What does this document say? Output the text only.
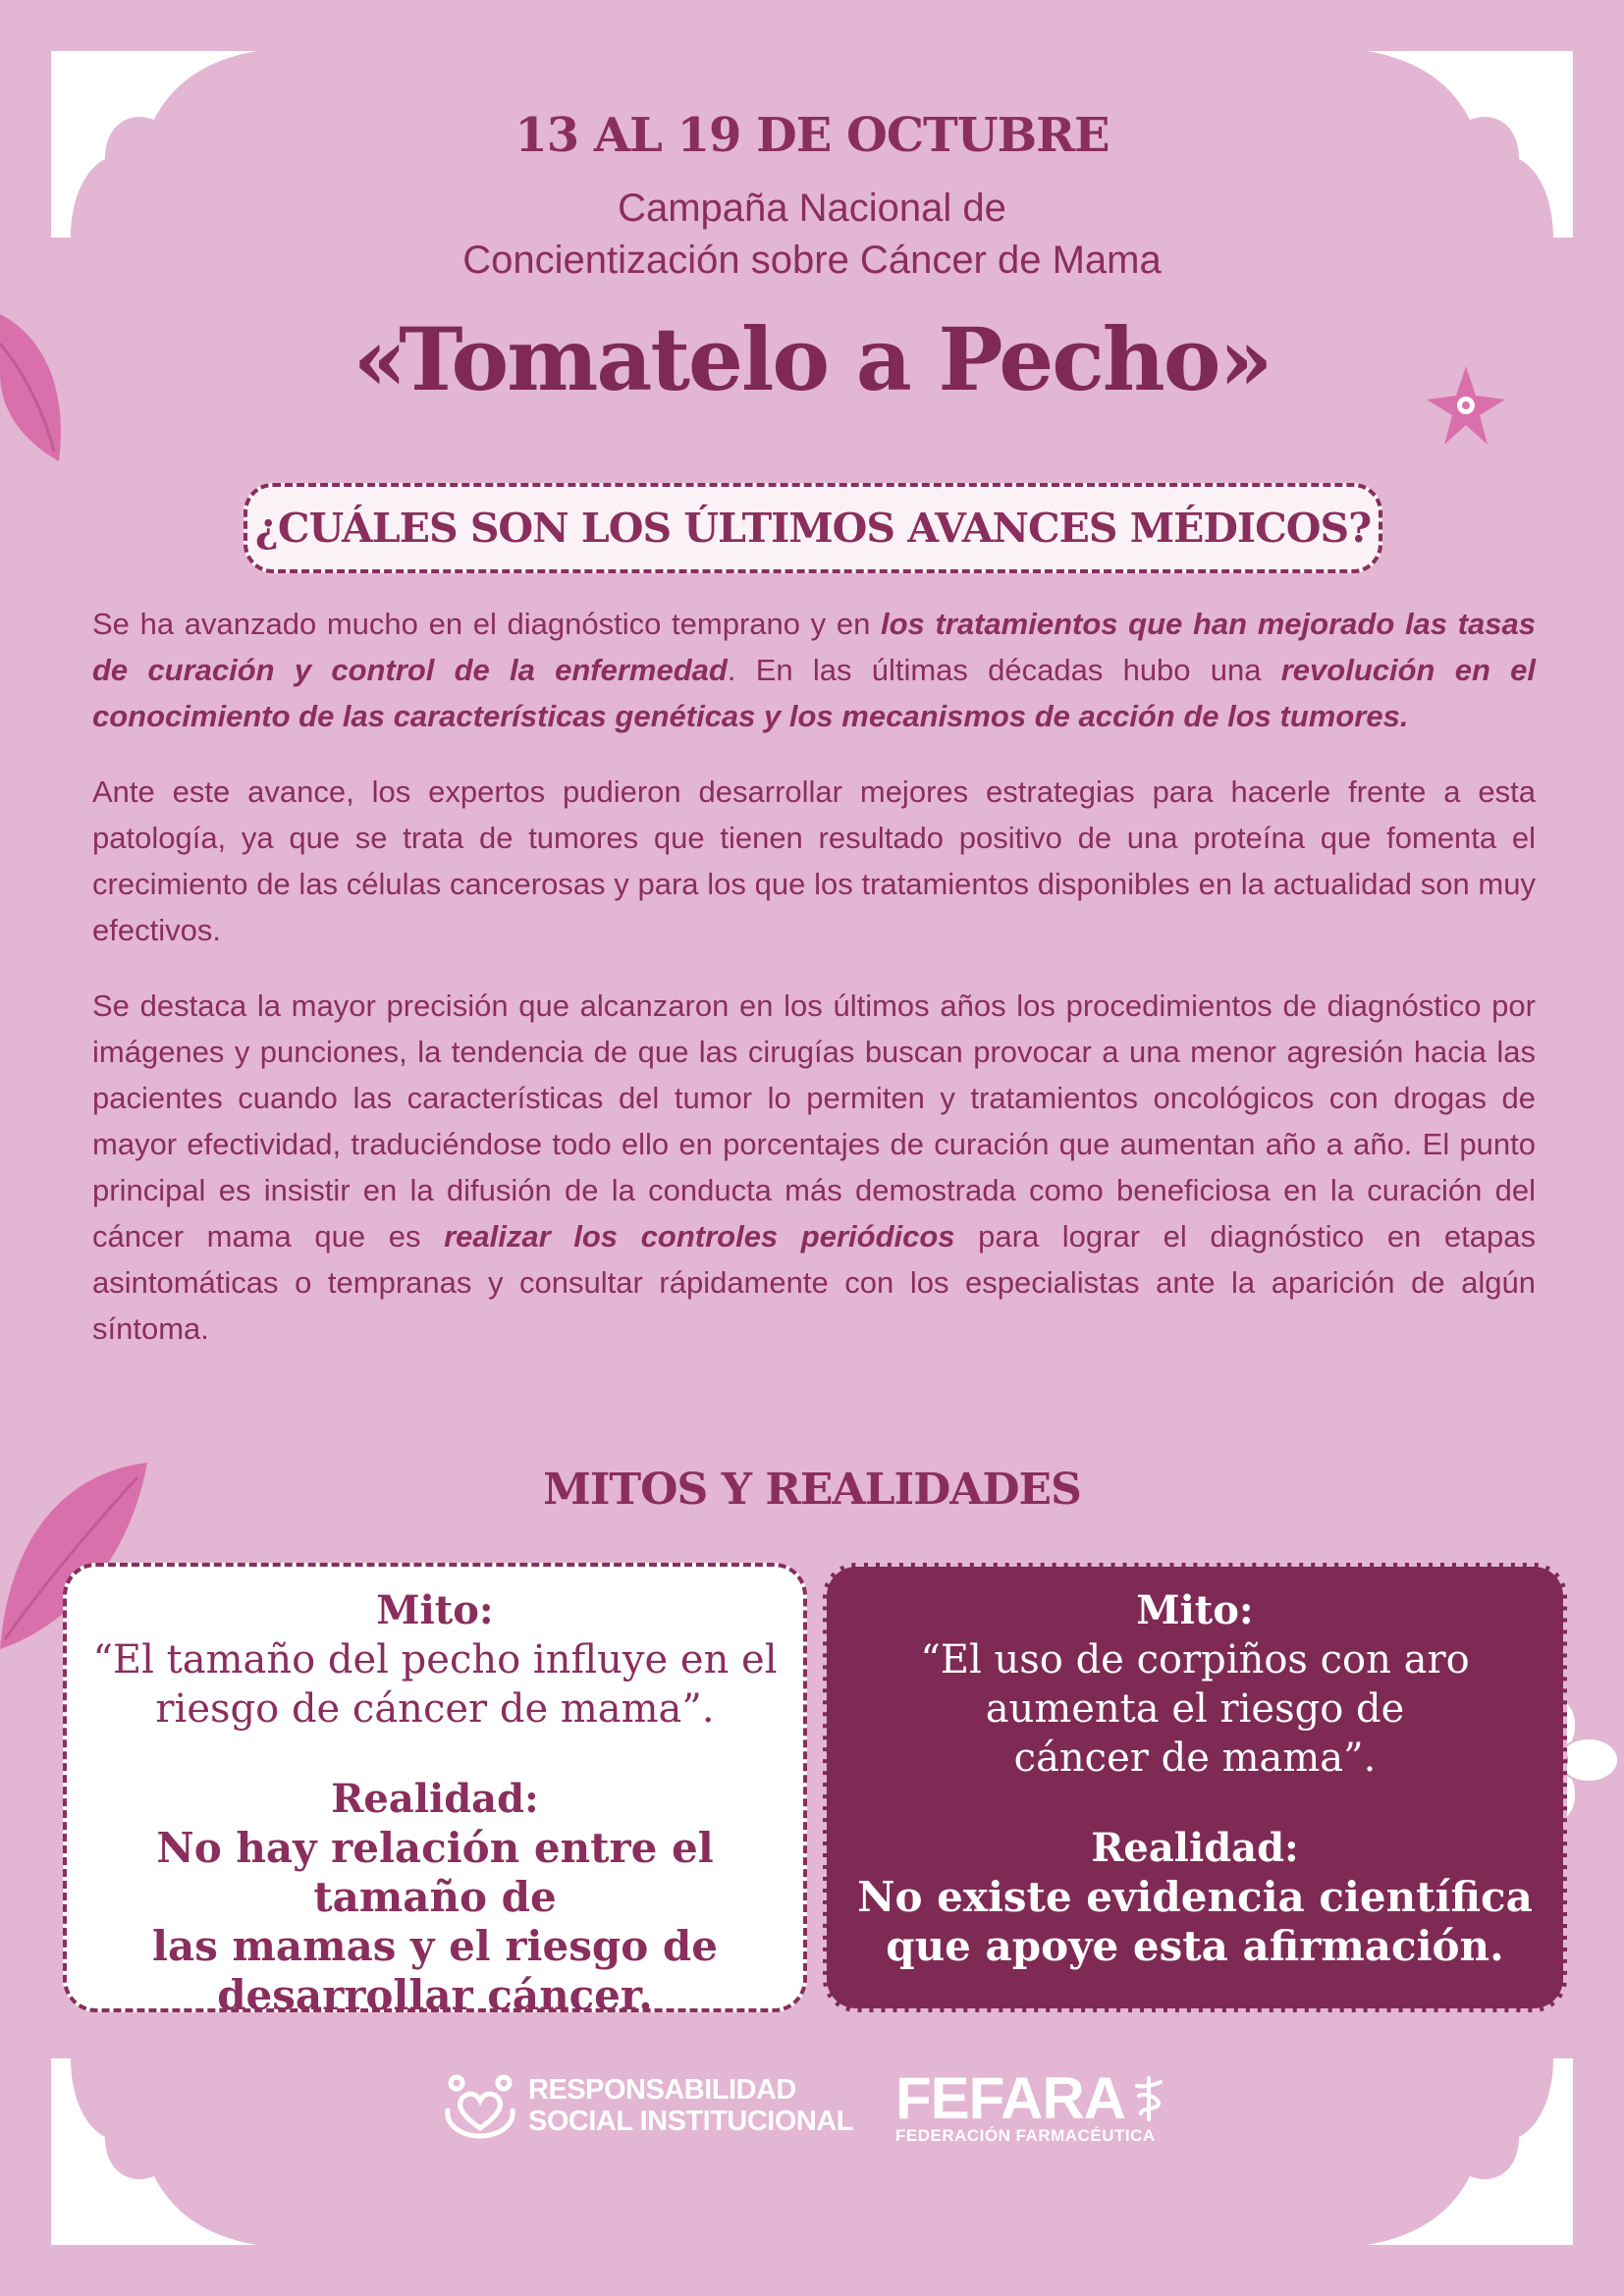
13 AL 19 DE OCTUBRE
Campaña Nacional de
Concientización sobre Cáncer de Mama
«Tomatelo a Pecho»
¿CUÁLES SON LOS ÚLTIMOS AVANCES MÉDICOS?

Se ha avanzado mucho en el diagnóstico temprano y en los tratamientos que han mejorado las tasas de curación y control de la enfermedad. En las últimas décadas hubo una revolución en el conocimiento de las características genéticas y los mecanismos de acción de los tumores.

Ante este avance, los expertos pudieron desarrollar mejores estrategias para hacerle frente a esta patología, ya que se trata de tumores que tienen resultado positivo de una proteína que fomenta el crecimiento de las células cancerosas y para los que los tratamientos disponibles en la actualidad son muy efectivos.

Se destaca la mayor precisión que alcanzaron en los últimos años los procedimientos de diagnóstico por imágenes y punciones, la tendencia de que las cirugías buscan provocar a una menor agresión hacia las pacientes cuando las características del tumor lo permiten y tratamientos oncológicos con drogas de mayor efectividad, traduciéndose todo ello en porcentajes de curación que aumentan año a año. El punto principal es insistir en la difusión de la conducta más demostrada como beneficiosa en la curación del cáncer mama que es realizar los controles periódicos para lograr el diagnóstico en etapas asintomáticas o tempranas y consultar rápidamente con los especialistas ante la aparición de algún síntoma.

MITOS Y REALIDADES
Mito:
“El tamaño del pecho influye en el
riesgo de cáncer de mama”.
Realidad:
No hay relación entre el tamaño de
las mamas y el riesgo de
desarrollar cáncer.
Mito:
“El uso de corpiños con aro
aumenta el riesgo de
cáncer de mama”.
Realidad:
No existe evidencia científica
que apoye esta afirmación.
RESPONSABILIDAD
SOCIAL INSTITUCIONAL FEFARA
FEDERACIÓN FARMACÉUTICA
